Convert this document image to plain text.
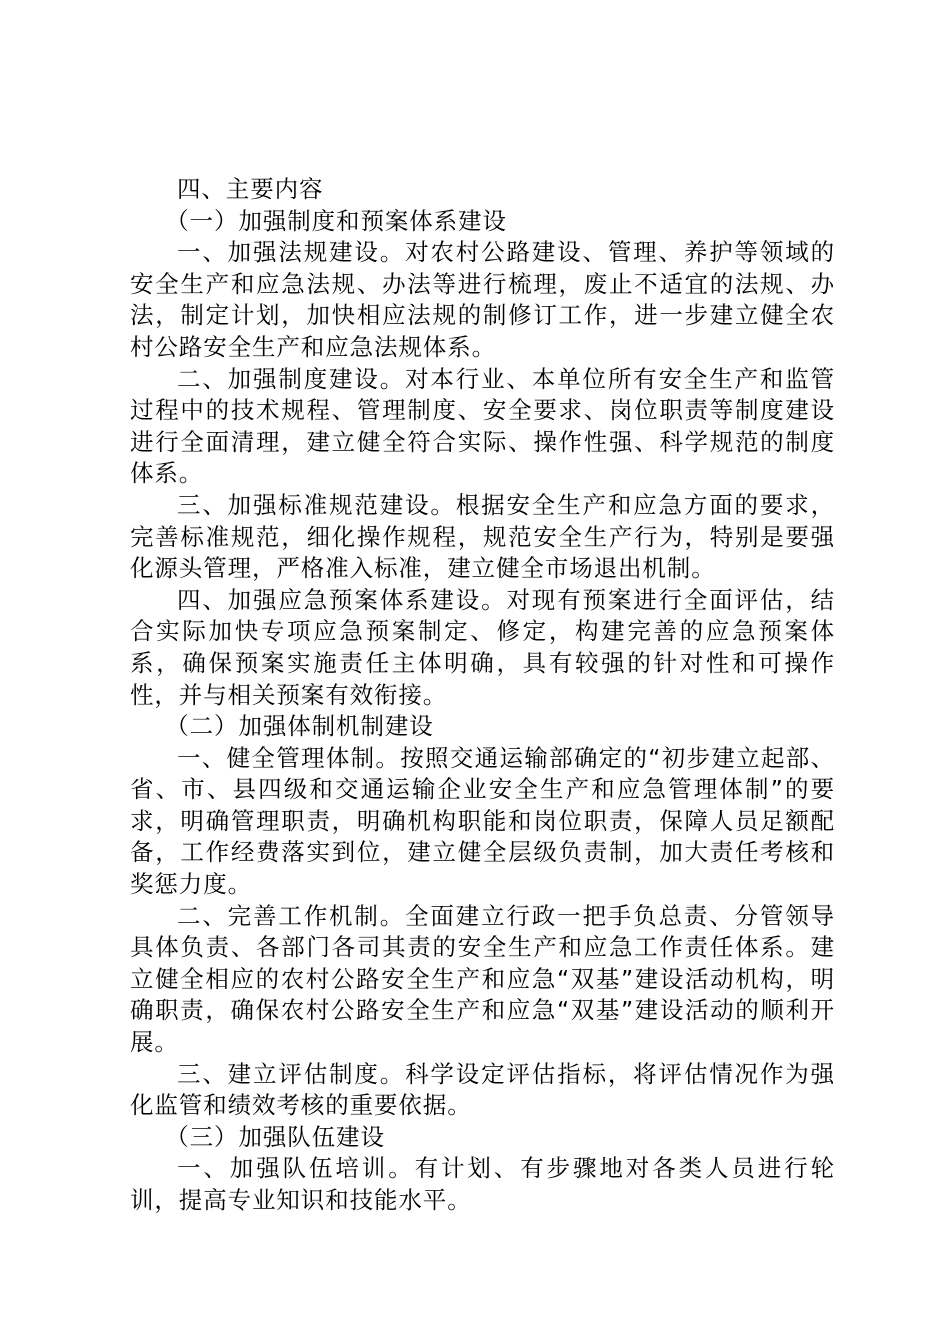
四、主要内容

（一）加强制度和预案体系建设

一、加强法规建设。对农村公路建设、管理、养护等领域的安全生产和应急法规、办法等进行梳理，废止不适宜的法规、办法，制定计划，加快相应法规的制修订工作，进一步建立健全农村公路安全生产和应急法规体系。

二、加强制度建设。对本行业、本单位所有安全生产和监管过程中的技术规程、管理制度、安全要求、岗位职责等制度建设进行全面清理，建立健全符合实际、操作性强、科学规范的制度体系。

三、加强标准规范建设。根据安全生产和应急方面的要求，完善标准规范，细化操作规程，规范安全生产行为，特别是要强化源头管理，严格准入标准，建立健全市场退出机制。

四、加强应急预案体系建设。对现有预案进行全面评估，结合实际加快专项应急预案制定、修定，构建完善的应急预案体系，确保预案实施责任主体明确，具有较强的针对性和可操作性，并与相关预案有效衔接。

（二）加强体制机制建设

一、健全管理体制。按照交通运输部确定的“初步建立起部、省、市、县四级和交通运输企业安全生产和应急管理体制”的要求，明确管理职责，明确机构职能和岗位职责，保障人员足额配备，工作经费落实到位，建立健全层级负责制，加大责任考核和奖惩力度。

二、完善工作机制。全面建立行政一把手负总责、分管领导具体负责、各部门各司其责的安全生产和应急工作责任体系。建立健全相应的农村公路安全生产和应急“双基”建设活动机构，明确职责，确保农村公路安全生产和应急“双基”建设活动的顺利开展。

三、建立评估制度。科学设定评估指标，将评估情况作为强化监管和绩效考核的重要依据。

（三）加强队伍建设

一、加强队伍培训。有计划、有步骤地对各类人员进行轮训，提高专业知识和技能水平。
